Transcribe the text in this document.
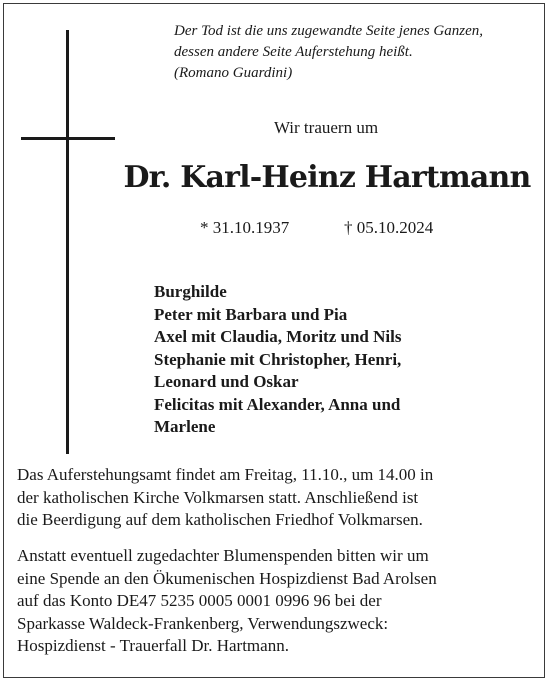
Der Tod ist die uns zugewandte Seite jenes Ganzen,
dessen andere Seite Auferstehung heißt.
(Romano Guardini)
Wir trauern um
Dr. Karl-Heinz Hartmann
* 31.10.1937	† 05.10.2024
Burghilde
Peter mit Barbara und Pia
Axel mit Claudia, Moritz und Nils
Stephanie mit Christopher, Henri,
Leonard und Oskar
Felicitas mit Alexander, Anna und
Marlene
Das Auferstehungsamt findet am Freitag, 11.10., um 14.00 in
der katholischen Kirche Volkmarsen statt. Anschließend ist
die Beerdigung auf dem katholischen Friedhof Volkmarsen.
Anstatt eventuell zugedachter Blumenspenden bitten wir um
eine Spende an den Ökumenischen Hospizdienst Bad Arolsen
auf das Konto DE47 5235 0005 0001 0996 96 bei der
Sparkasse Waldeck-Frankenberg, Verwendungszweck:
Hospizdienst - Trauerfall Dr. Hartmann.
